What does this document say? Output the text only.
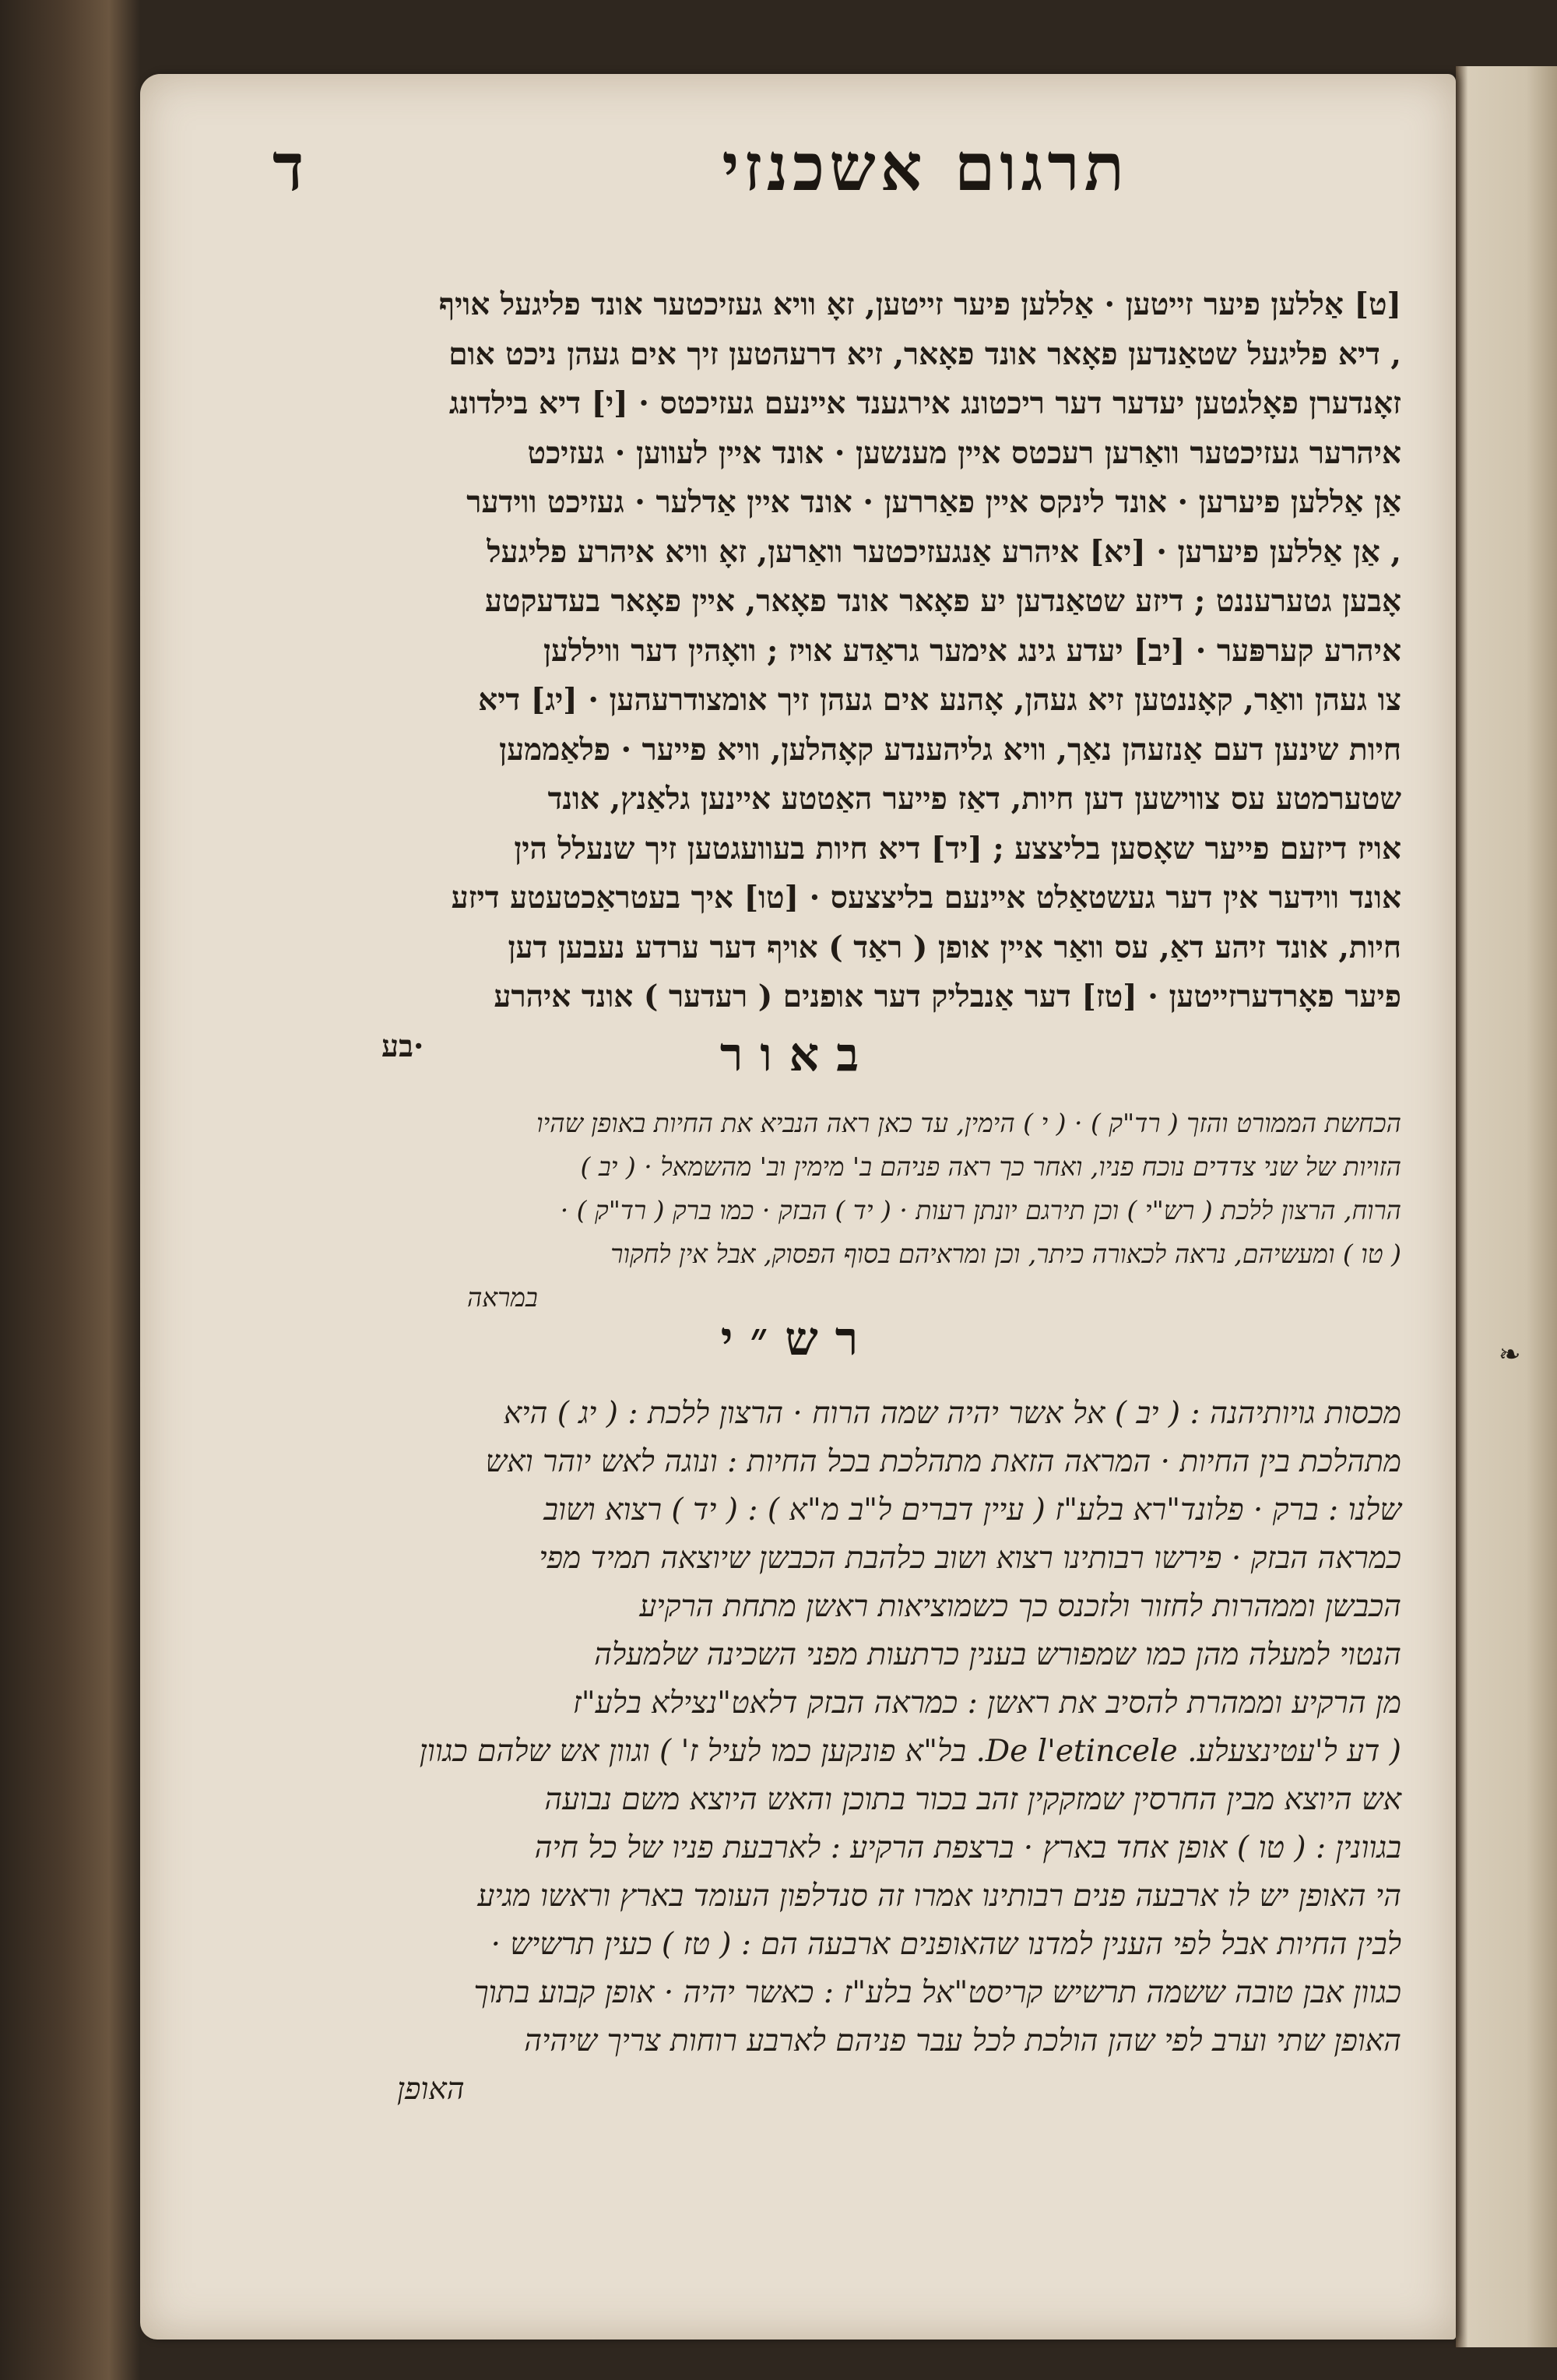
תרגום אשכנזי
ד
[ט] אַללען פיער זייטען · אַללען פיער זייטען, זאָ וויא געזיכטער אונד פליגעל אויף
, דיא פליגעל שטאַנדען פאָאר אונד פאָאר, זיא דרעהטען זיך אים געהן ניכט אום
זאָנדערן פאָלגטען יעדער דער ריכטונג אירגענד איינעם געזיכטס · [י] דיא בילדונג
איהרער געזיכטער וואַרען רעכטס איין מענשען · אונד איין לעווען · געזיכט
אַן אַללען פיערען · אונד לינקס איין פאַררען · אונד איין אַדלער · געזיכט ווידער
, אַן אַללען פיערען · [יא] איהרע אַנגעזיכטער וואַרען, זאָ וויא איהרע פליגעל
אָבען גטערעננט ; דיזע שטאַנדען יע פאָאר אונד פאָאר, איין פאָאר בעדעקטע
איהרע קערפּער · [יב] יעדע גינג אימער גראַדע אויז ; וואָהין דער וויללען
צו געהן וואַר, קאָננטען זיא געהן, אָהנע אים געהן זיך אומצודרעהען · [יג] דיא
חיות שינען דעם אַנזעהן נאַך, וויא גליהענדע קאָהלען, וויא פייער · פלאַממען
שטערמטע עס צווישען דען חיות, דאַז פייער האַטטע איינען גלאַנץ, אונד
אויז דיזעם פייער שאָסען בליצצע ; [יד] דיא חיות בעוועגטען זיך שנעלל הין
אונד ווידער אין דער געשטאַלט איינעם בליצצעס · [טו] איך בעטראַכטעטע דיזע
חיות, אונד זיהע דאַ, עס וואַר איין אופן ( ראַד ) אויף דער ערדע נעבען דען
פיער פאָרדערזייטען · [טז] דער אַנבליק דער אופנים ( רעדער ) אונד איהרע
בע·	באור
הכחשת הממורט והזך ( רד"ק ) · ( י ) הימין, עד כאן ראה הנביא את החיות באופן שהיו
הזויות של שני צדדים נוכח פניו, ואחר כך ראה פניהם ב' מימין וב' מהשמאל · ( יב )
הרוח, הרצון ללכת ( רש"י ) וכן תירגם יונתן רעות · ( יד ) הבזק · כמו ברק ( רד"ק ) ·
( טו ) ומעשיהם, נראה לכאורה כיתר, וכן ומראיהם בסוף הפסוק, אבל אין לחקור
במראה
רש״י	❧
מכסות גויותיהנה : ( יב ) אל אשר יהיה שמה הרוח · הרצון ללכת : ( יג ) היא
מתהלכת בין החיות · המראה הזאת מתהלכת בכל החיות : ונוגה לאש יוהר ואש
שלנו : ברק · פלונד"רא בלע"ז ( עיין דברים ל"ב מ"א ) : ( יד ) רצוא ושוב
כמראה הבזק · פירשו רבותינו רצוא ושוב כלהבת הכבשן שיוצאה תמיד מפי
הכבשן וממהרות לחזור ולזכנס כך כשמוציאות ראשן מתחת הרקיע
הנטוי למעלה מהן כמו שמפורש בענין כרתעות מפני השכינה שלמעלה
מן הרקיע וממהרת להסיב את ראשן : כמראה הבזק דלאט"נצילא בלע"ז
( דע ל'עטינצעלע. De l'etincele. בל"א פונקען כמו לעיל ז' ) וגוון אש שלהם כגוון
אש היוצא מבין החרסין שמזקקין זהב בכור בתוכן והאש היוצא משם נבועה
בגוונין : ( טו ) אופן אחד בארץ · ברצפת הרקיע : לארבעת פניו של כל חיה
הי האופן יש לו ארבעה פנים רבותינו אמרו זה סנדלפון העומד בארץ וראשו מגיע
לבין החיות אבל לפי הענין למדנו שהאופנים ארבעה הם : ( טז ) כעין תרשיש ·
כגוון אבן טובה ששמה תרשיש קריסט"אל בלע"ז : כאשר יהיה · אופן קבוע בתוך
האופן שתי וערב לפי שהן הולכת לכל עבר פניהם לארבע רוחות צריך שיהיה
האופן
